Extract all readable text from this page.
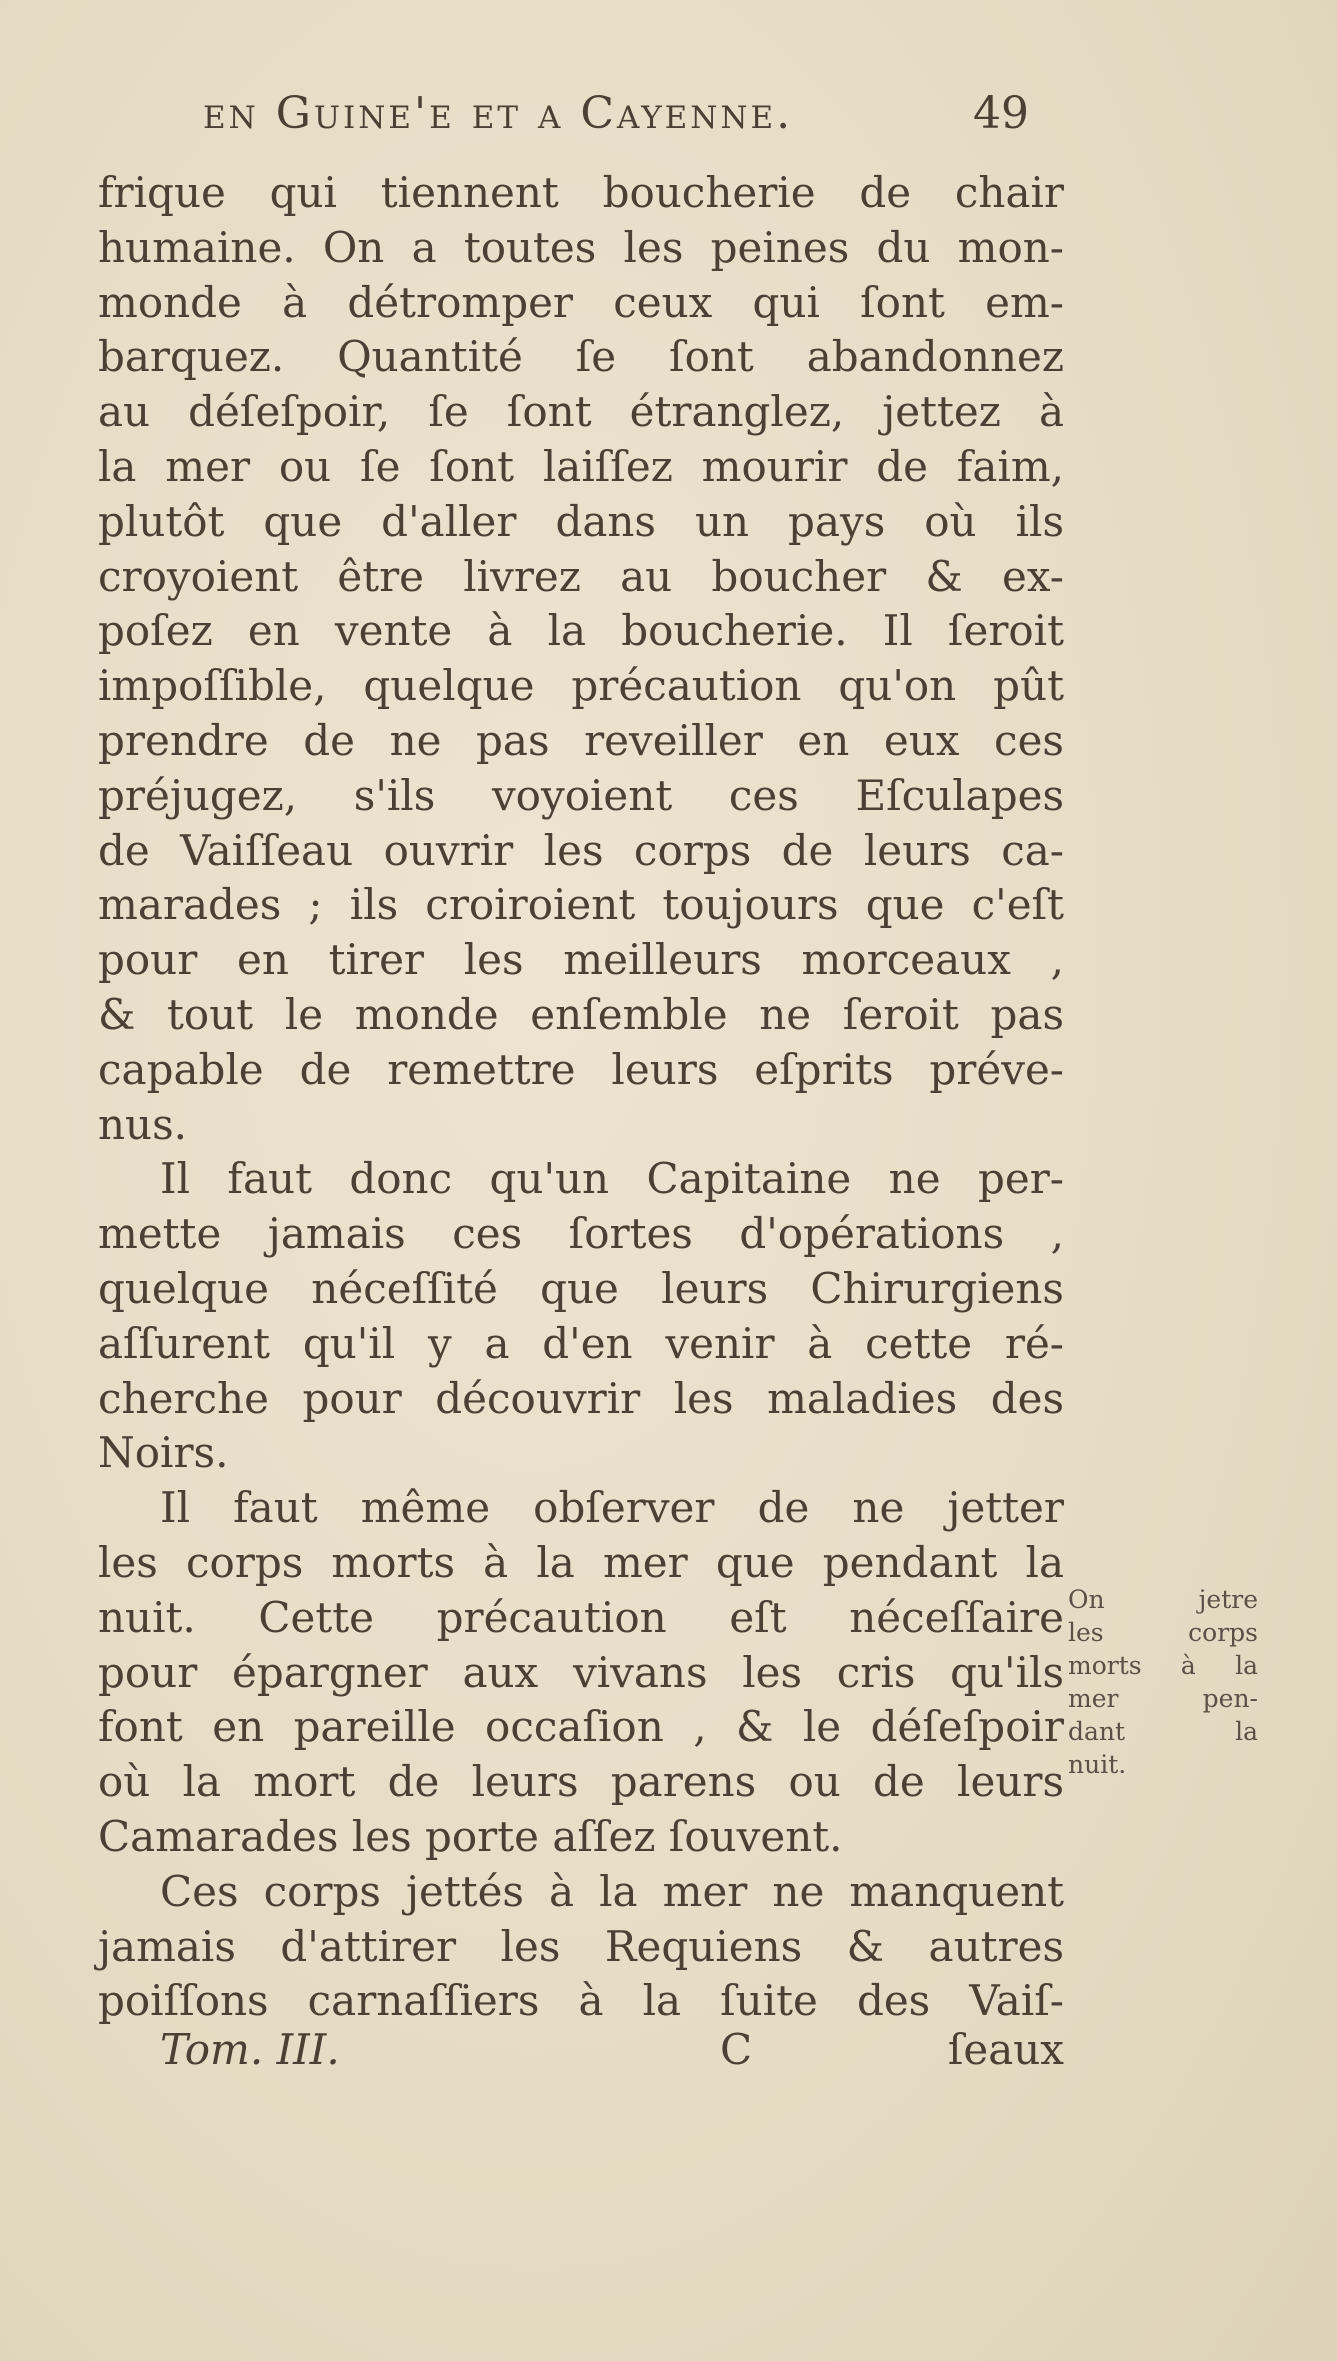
en Guine'e et a Cayenne.	49
frique qui tiennent boucherie de chair
humaine. On a toutes les peines du mon-
monde à détromper ceux qui ſont em-
barquez. Quantité ſe ſont abandonnez
au déſeſpoir, ſe ſont étranglez, jettez à
la mer ou ſe ſont laiſſez mourir de faim,
plutôt que d'aller dans un pays où ils
croyoient être livrez au boucher & ex-
poſez en vente à la boucherie. Il ſeroit
impoſſible, quelque précaution qu'on pût
prendre de ne pas reveiller en eux ces
préjugez, s'ils voyoient ces Eſculapes
de Vaiſſeau ouvrir les corps de leurs ca-
marades ; ils croiroient toujours que c'eſt
pour en tirer les meilleurs morceaux ,
& tout le monde enſemble ne ſeroit pas
capable de remettre leurs eſprits préve-
nus.
Il faut donc qu'un Capitaine ne per-
mette jamais ces ſortes d'opérations ,
quelque néceſſité que leurs Chirurgiens
aſſurent qu'il y a d'en venir à cette ré-
cherche pour découvrir les maladies des
Noirs.
Il faut même obſerver de ne jetter
les corps morts à la mer que pendant la
nuit. Cette précaution eſt néceſſaire
pour épargner aux vivans les cris qu'ils
font en pareille occaſion , & le déſeſpoir
où la mort de leurs parens ou de leurs
Camarades les porte aſſez ſouvent.
Ces corps jettés à la mer ne manquent
jamais d'attirer les Requiens & autres
poiſſons carnaſſiers à la ſuite des Vaiſ-
On jetre
les corps
morts à la
mer pen-
dant la
nuit.
Tom. III.	C	ſeaux
